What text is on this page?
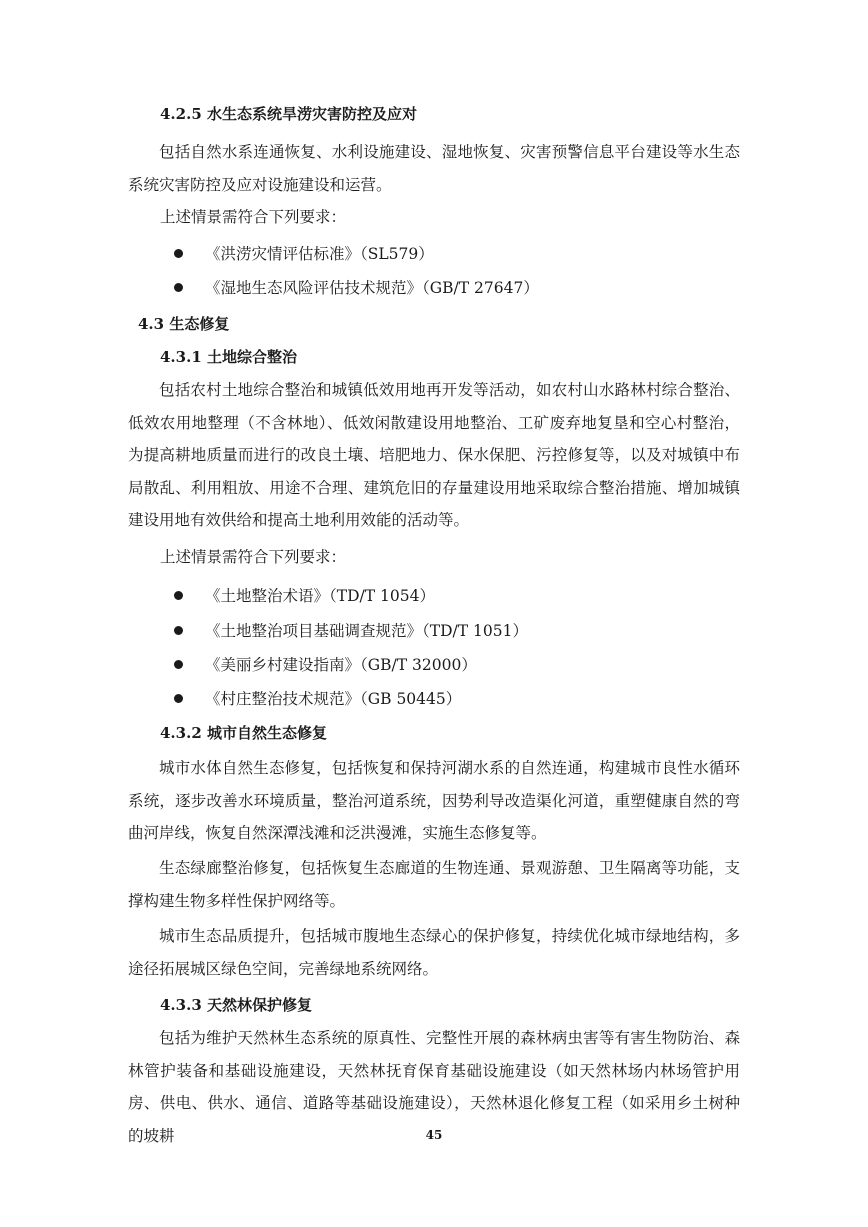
4.2.5 水生态系统旱涝灾害防控及应对

包括自然水系连通恢复、水利设施建设、湿地恢复、灾害预警信息平台建设等水生态系统灾害防控及应对设施建设和运营。

上述情景需符合下列要求：

《洪涝灾情评估标准》（SL579）
《湿地生态风险评估技术规范》（GB/T 27647）
4.3 生态修复
4.3.1 土地综合整治

包括农村土地综合整治和城镇低效用地再开发等活动，如农村山水路林村综合整治、低效农用地整理（不含林地）、低效闲散建设用地整治、工矿废弃地复垦和空心村整治，为提高耕地质量而进行的改良土壤、培肥地力、保水保肥、污控修复等，以及对城镇中布局散乱、利用粗放、用途不合理、建筑危旧的存量建设用地采取综合整治措施、增加城镇建设用地有效供给和提高土地利用效能的活动等。

上述情景需符合下列要求：

《土地整治术语》（TD/T 1054）
《土地整治项目基础调查规范》（TD/T 1051）
《美丽乡村建设指南》（GB/T 32000）
《村庄整治技术规范》（GB 50445）
4.3.2 城市自然生态修复

城市水体自然生态修复，包括恢复和保持河湖水系的自然连通，构建城市良性水循环系统，逐步改善水环境质量，整治河道系统，因势利导改造渠化河道，重塑健康自然的弯曲河岸线，恢复自然深潭浅滩和泛洪漫滩，实施生态修复等。

生态绿廊整治修复，包括恢复生态廊道的生物连通、景观游憩、卫生隔离等功能，支撑构建生物多样性保护网络等。

城市生态品质提升，包括城市腹地生态绿心的保护修复，持续优化城市绿地结构，多途径拓展城区绿色空间，完善绿地系统网络。

4.3.3 天然林保护修复

包括为维护天然林生态系统的原真性、完整性开展的森林病虫害等有害生物防治、森林管护装备和基础设施建设，天然林抚育保育基础设施建设（如天然林场内林场管护用房、供电、供水、通信、道路等基础设施建设），天然林退化修复工程（如采用乡土树种的坡耕	45
